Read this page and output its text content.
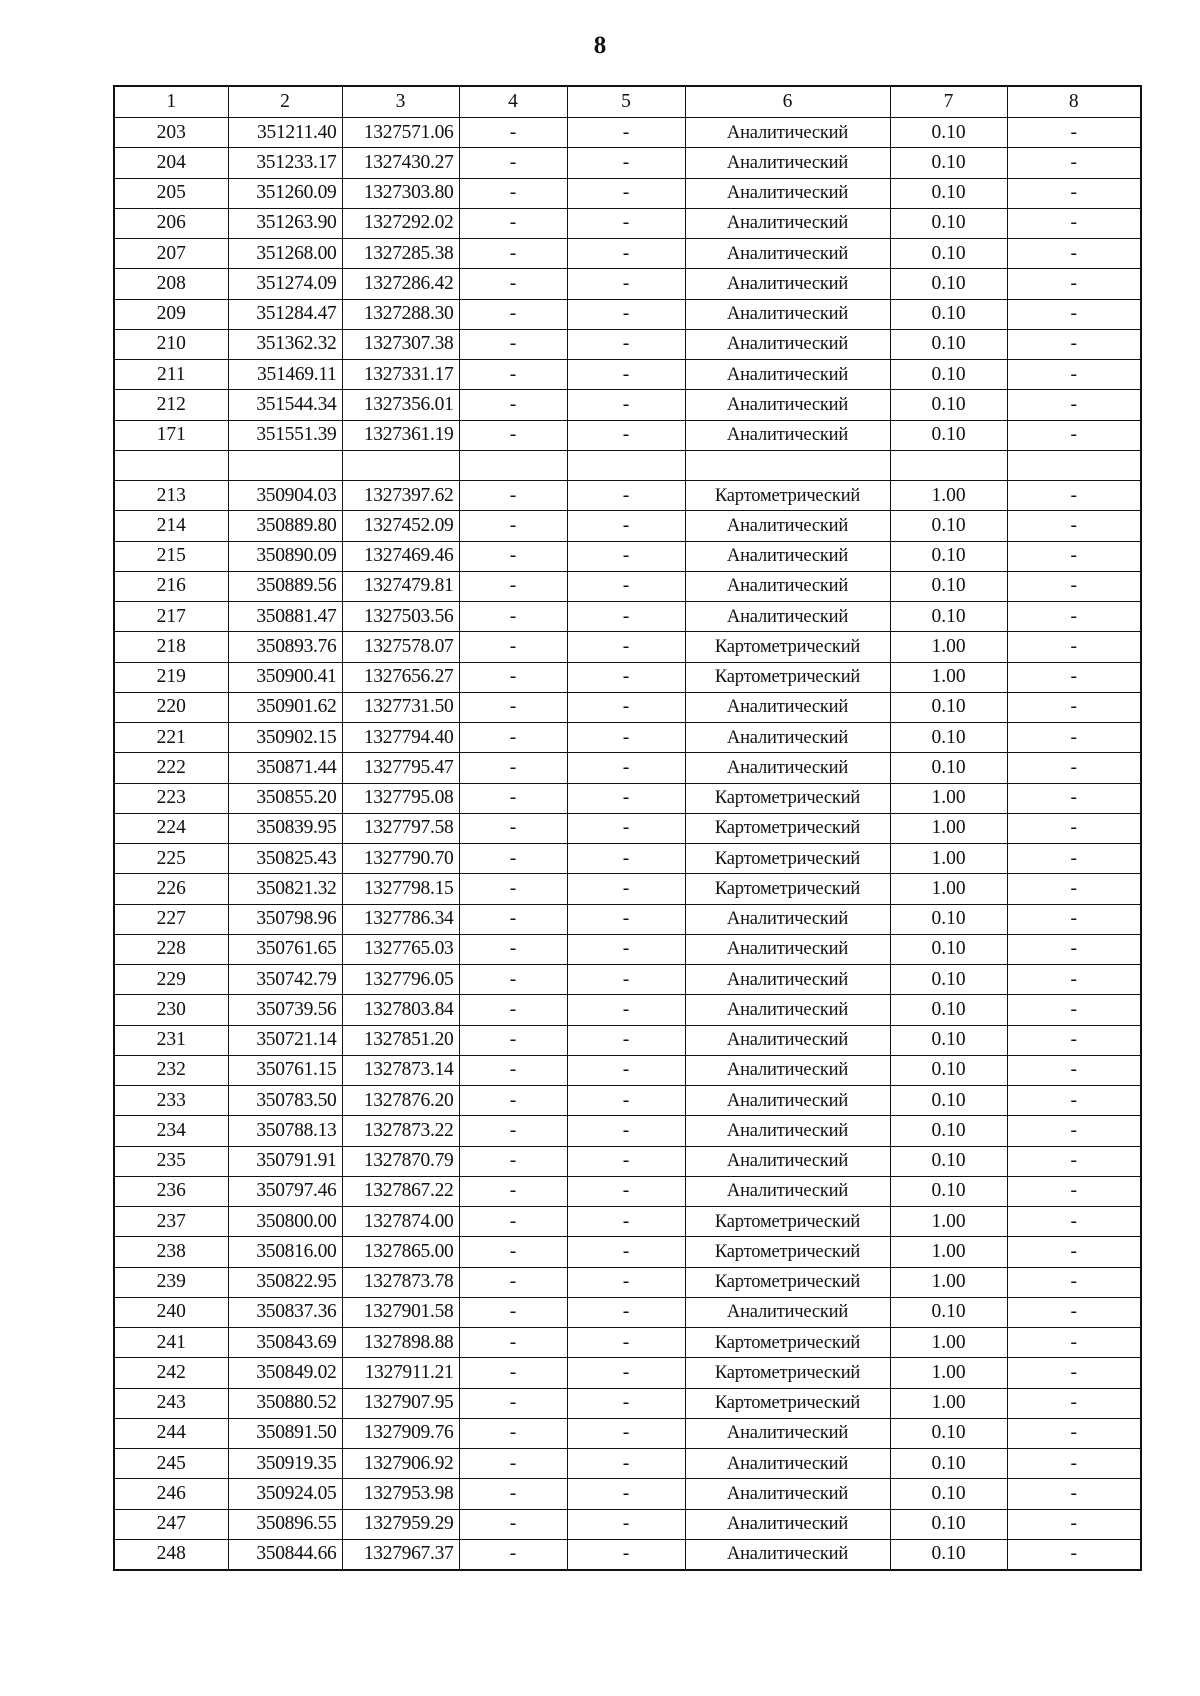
8
1	2	3	4	5	6	7	8
203	351211.40	1327571.06	-	-	Аналитический	0.10	-
204	351233.17	1327430.27	-	-	Аналитический	0.10	-
205	351260.09	1327303.80	-	-	Аналитический	0.10	-
206	351263.90	1327292.02	-	-	Аналитический	0.10	-
207	351268.00	1327285.38	-	-	Аналитический	0.10	-
208	351274.09	1327286.42	-	-	Аналитический	0.10	-
209	351284.47	1327288.30	-	-	Аналитический	0.10	-
210	351362.32	1327307.38	-	-	Аналитический	0.10	-
211	351469.11	1327331.17	-	-	Аналитический	0.10	-
212	351544.34	1327356.01	-	-	Аналитический	0.10	-
171	351551.39	1327361.19	-	-	Аналитический	0.10	-

213	350904.03	1327397.62	-	-	Картометрический	1.00	-
214	350889.80	1327452.09	-	-	Аналитический	0.10	-
215	350890.09	1327469.46	-	-	Аналитический	0.10	-
216	350889.56	1327479.81	-	-	Аналитический	0.10	-
217	350881.47	1327503.56	-	-	Аналитический	0.10	-
218	350893.76	1327578.07	-	-	Картометрический	1.00	-
219	350900.41	1327656.27	-	-	Картометрический	1.00	-
220	350901.62	1327731.50	-	-	Аналитический	0.10	-
221	350902.15	1327794.40	-	-	Аналитический	0.10	-
222	350871.44	1327795.47	-	-	Аналитический	0.10	-
223	350855.20	1327795.08	-	-	Картометрический	1.00	-
224	350839.95	1327797.58	-	-	Картометрический	1.00	-
225	350825.43	1327790.70	-	-	Картометрический	1.00	-
226	350821.32	1327798.15	-	-	Картометрический	1.00	-
227	350798.96	1327786.34	-	-	Аналитический	0.10	-
228	350761.65	1327765.03	-	-	Аналитический	0.10	-
229	350742.79	1327796.05	-	-	Аналитический	0.10	-
230	350739.56	1327803.84	-	-	Аналитический	0.10	-
231	350721.14	1327851.20	-	-	Аналитический	0.10	-
232	350761.15	1327873.14	-	-	Аналитический	0.10	-
233	350783.50	1327876.20	-	-	Аналитический	0.10	-
234	350788.13	1327873.22	-	-	Аналитический	0.10	-
235	350791.91	1327870.79	-	-	Аналитический	0.10	-
236	350797.46	1327867.22	-	-	Аналитический	0.10	-
237	350800.00	1327874.00	-	-	Картометрический	1.00	-
238	350816.00	1327865.00	-	-	Картометрический	1.00	-
239	350822.95	1327873.78	-	-	Картометрический	1.00	-
240	350837.36	1327901.58	-	-	Аналитический	0.10	-
241	350843.69	1327898.88	-	-	Картометрический	1.00	-
242	350849.02	1327911.21	-	-	Картометрический	1.00	-
243	350880.52	1327907.95	-	-	Картометрический	1.00	-
244	350891.50	1327909.76	-	-	Аналитический	0.10	-
245	350919.35	1327906.92	-	-	Аналитический	0.10	-
246	350924.05	1327953.98	-	-	Аналитический	0.10	-
247	350896.55	1327959.29	-	-	Аналитический	0.10	-
248	350844.66	1327967.37	-	-	Аналитический	0.10	-
